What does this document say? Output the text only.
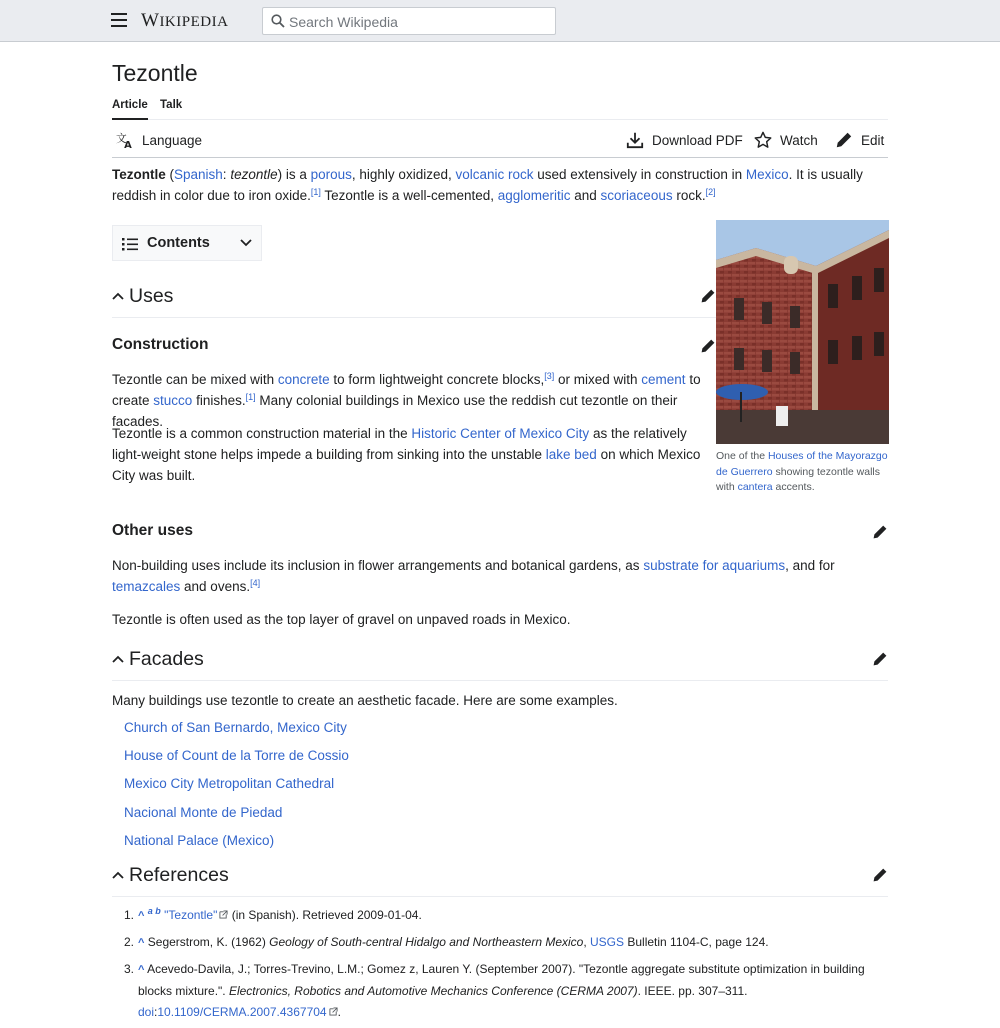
WIKIPEDIA
Search Wikipedia
Tezontle
Article Talk
文
A Language	Download PDF	Watch	Edit
Tezontle (Spanish: tezontle) is a porous, highly oxidized, volcanic rock used extensively in construction in Mexico. It is usually reddish in color due to iron oxide.[1] Tezontle is a well-cemented, agglomeritic and scoriaceous rock.[2]
Contents
One of the Houses of the Mayorazgo de Guerrero showing tezontle walls with cantera accents.
Uses
Construction
Tezontle can be mixed with concrete to form lightweight concrete blocks,[3] or mixed with cement to create stucco finishes.[1] Many colonial buildings in Mexico use the reddish cut tezontle on their facades.
Tezontle is a common construction material in the Historic Center of Mexico City as the relatively light-weight stone helps impede a building from sinking into the unstable lake bed on which Mexico City was built.
Other uses
Non-building uses include its inclusion in flower arrangements and botanical gardens, as substrate for aquariums, and for temazcales and ovens.[4]
Tezontle is often used as the top layer of gravel on unpaved roads in Mexico.
Facades
Many buildings use tezontle to create an aesthetic facade. Here are some examples.
Church of San Bernardo, Mexico City
House of Count de la Torre de Cossio
Mexico City Metropolitan Cathedral
Nacional Monte de Piedad
National Palace (Mexico)
References
1. ^ $^{a b}$ "Tezontle" (in Spanish). Retrieved 2009-01-04.
2. ^ Segerstrom, K. (1962) Geology of South-central Hidalgo and Northeastern Mexico, USGS Bulletin 1104-C, page 124.
3. ^ Acevedo-Davila, J.; Torres-Trevino, L.M.; Gomez z, Lauren Y. (September 2007). "Tezontle aggregate substitute optimization in building blocks mixture.". Electronics, Robotics and Automotive Mechanics Conference (CERMA 2007). IEEE. pp. 307–311. doi:10.1109/CERMA.2007.4367704 .
